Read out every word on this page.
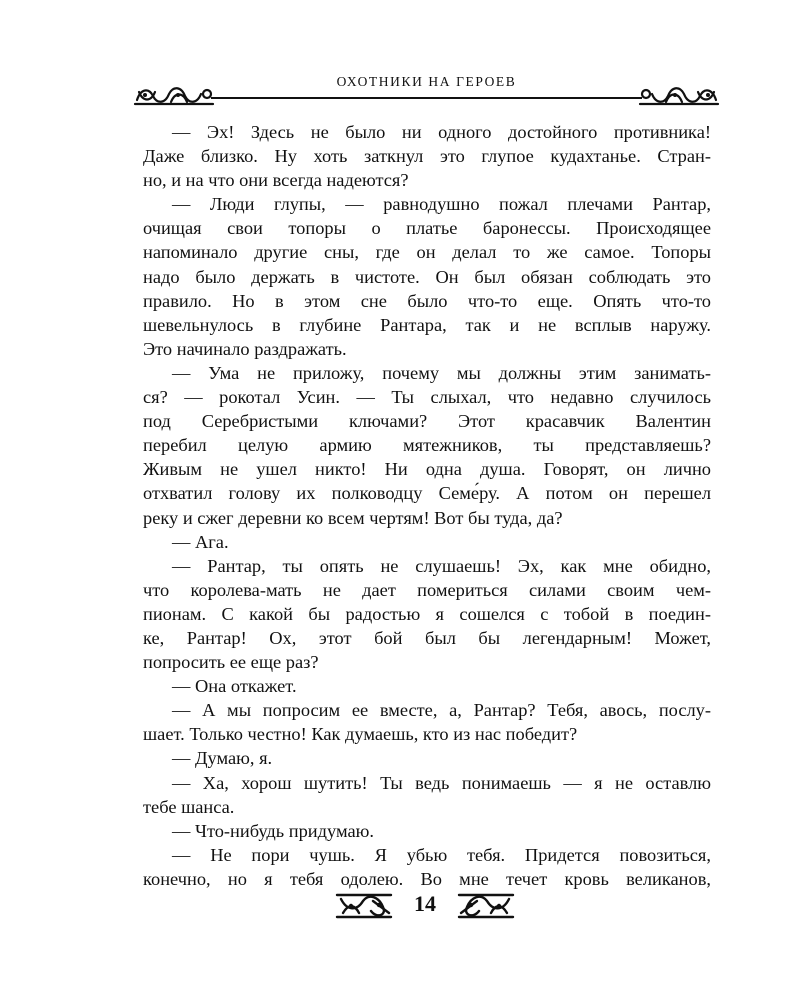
ОХОТНИКИ НА ГЕРОЕВ
— Эх! Здесь не было ни одного достойного противника!
Даже близко. Ну хоть заткнул это глупое кудахтанье. Стран-
но, и на что они всегда надеются?
— Люди глупы, — равнодушно пожал плечами Рантар,
очищая свои топоры о платье баронессы. Происходящее
напоминало другие сны, где он делал то же самое. Топоры
надо было держать в чистоте. Он был обязан соблюдать это
правило. Но в этом сне было что-то еще. Опять что-то
шевельнулось в глубине Рантара, так и не всплыв наружу.
Это начинало раздражать.
— Ума не приложу, почему мы должны этим занимать-
ся? — рокотал Усин. — Ты слыхал, что недавно случилось
под Серебристыми ключами? Этот красавчик Валентин
перебил целую армию мятежников, ты представляешь?
Живым не ушел никто! Ни одна душа. Говорят, он лично
отхватил голову их полководцу Семе́ру. А потом он перешел
реку и сжег деревни ко всем чертям! Вот бы туда, да?
— Ага.
— Рантар, ты опять не слушаешь! Эх, как мне обидно,
что королева-мать не дает помериться силами своим чем-
пионам. С какой бы радостью я сошелся с тобой в поедин-
ке, Рантар! Ох, этот бой был бы легендарным! Может,
попросить ее еще раз?
— Она откажет.
— А мы попросим ее вместе, а, Рантар? Тебя, авось, послу-
шает. Только честно! Как думаешь, кто из нас победит?
— Думаю, я.
— Ха, хорош шутить! Ты ведь понимаешь — я не оставлю
тебе шанса.
— Что-нибудь придумаю.
— Не пори чушь. Я убью тебя. Придется повозиться,
конечно, но я тебя одолею. Во мне течет кровь великанов,
14
